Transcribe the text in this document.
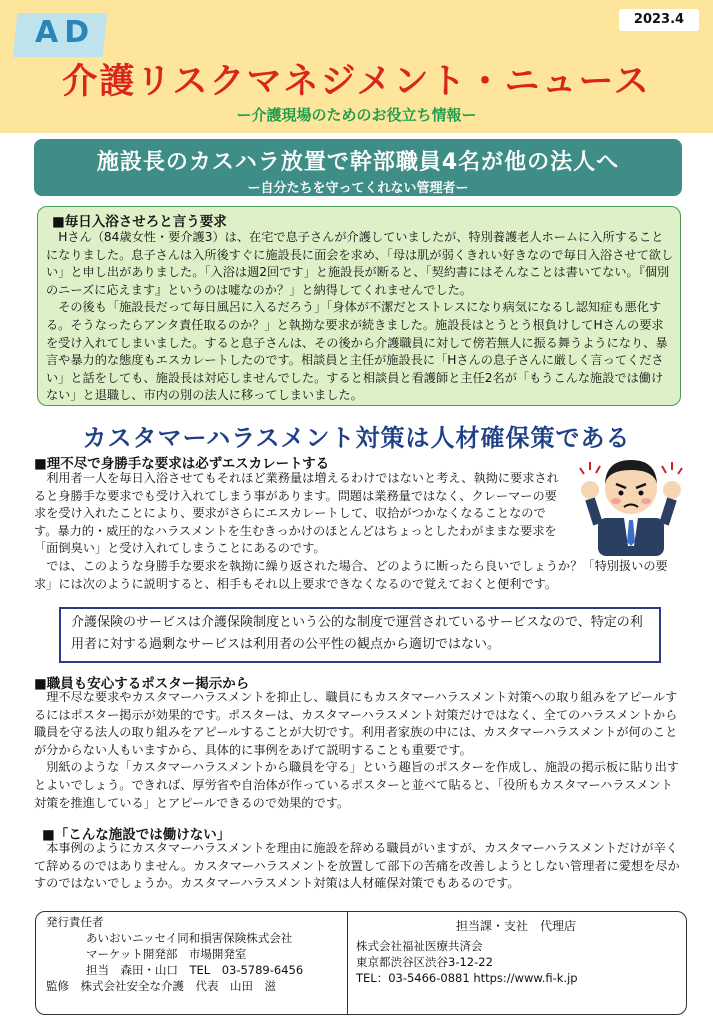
AD	2023.4
介護リスクマネジメント・ニュース
ー介護現場のためのお役立ち情報ー
施設長のカスハラ放置で幹部職員4名が他の法人へ
ー自分たちを守ってくれない管理者ー
■毎日入浴させろと言う要求

Hさん（84歳女性・要介護3）は、在宅で息子さんが介護していましたが、特別養護老人ホームに入所することになりました。息子さんは入所後すぐに施設長に面会を求め、「母は肌が弱くきれい好きなので毎日入浴させて欲しい」と申し出がありました。「入浴は週2回です」と施設長が断ると、「契約書にはそんなことは書いてない。『個別のニーズに応えます』というのは嘘なのか？」と納得してくれませんでした。

その後も「施設長だって毎日風呂に入るだろう」「身体が不潔だとストレスになり病気になるし認知症も悪化する。そうなったらアンタ責任取るのか？」と執拗な要求が続きました。施設長はとうとう根負けしてHさんの要求を受け入れてしまいました。すると息子さんは、その後から介護職員に対して傍若無人に振る舞うようになり、暴言や暴力的な態度もエスカレートしたのです。相談員と主任が施設長に「Hさんの息子さんに厳しく言ってください」と話をしても、施設長は対応しませんでした。すると相談員と看護師と主任2名が「もうこんな施設では働けない」と退職し、市内の別の法人に移ってしまいました。

カスタマーハラスメント対策は人材確保策である
■理不尽で身勝手な要求は必ずエスカレートする

利用者一人を毎日入浴させてもそれほど業務量は増えるわけではないと考え、執拗に要求されると身勝手な要求でも受け入れてしまう事があります。問題は業務量ではなく、クレーマーの要求を受け入れたことにより、要求がさらにエスカレートして、収拾がつかなくなることなのです。暴力的・威圧的なハラスメントを生むきっかけのほとんどはちょっとしたわがままな要求を「面倒臭い」と受け入れてしまうことにあるのです。

では、このような身勝手な要求を執拗に繰り返された場合、どのように断ったら良いでしょうか？「特別扱いの要求」には次のように説明すると、相手もそれ以上要求できなくなるので覚えておくと便利です。

介護保険のサービスは介護保険制度という公的な制度で運営されているサービスなので、特定の利用者に対する過剰なサービスは利用者の公平性の観点から適切ではない。
■職員も安心するポスター掲示から

理不尽な要求やカスタマーハラスメントを抑止し、職員にもカスタマーハラスメント対策への取り組みをアピールするにはポスター掲示が効果的です。ポスターは、カスタマーハラスメント対策だけではなく、全てのハラスメントから職員を守る法人の取り組みをアピールすることが大切です。利用者家族の中には、カスタマーハラスメントが何のことが分からない人もいますから、具体的に事例をあげて説明することも重要です。

別紙のような「カスタマーハラスメントから職員を守る」という趣旨のポスターを作成し、施設の掲示板に貼り出すとよいでしょう。できれば、厚労省や自治体が作っているポスターと並べて貼ると、「役所もカスタマーハラスメント対策を推進している」とアピールできるので効果的です。

■「こんな施設では働けない」

本事例のようにカスタマーハラスメントを理由に施設を辞める職員がいますが、カスタマーハラスメントだけが辛くて辞めるのではありません。カスタマーハラスメントを放置して部下の苦痛を改善しようとしない管理者に愛想を尽かすのではないでしょうか。カスタマーハラスメント対策は人材確保対策でもあるのです。

発行責任者
あいおいニッセイ同和損害保険株式会社
マーケット開発部　市場開発室
担当　森田・山口　TEL　03-5789-6456
監修　株式会社安全な介護　代表　山田　滋
担当課・支社　代理店
株式会社福祉医療共済会
東京都渋谷区渋谷3-12-22
TEL：03-5466-0881 https://www.fi-k.jp
